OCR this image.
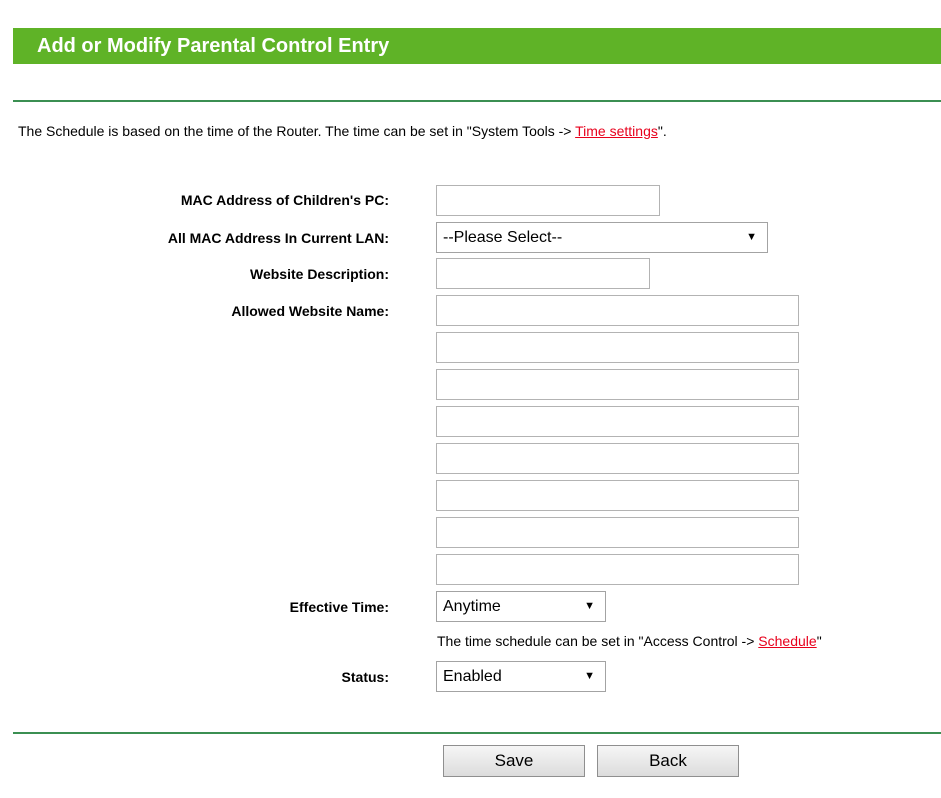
Add or Modify Parental Control Entry
The Schedule is based on the time of the Router. The time can be set in "System Tools -> Time settings".
MAC Address of Children's PC:
All MAC Address In Current LAN:	--Please Select--	▼
Website Description:
Allowed Website Name:
Effective Time:	Anytime	▼
The time schedule can be set in "Access Control -> Schedule"
Status:	Enabled	▼
Save	Back
